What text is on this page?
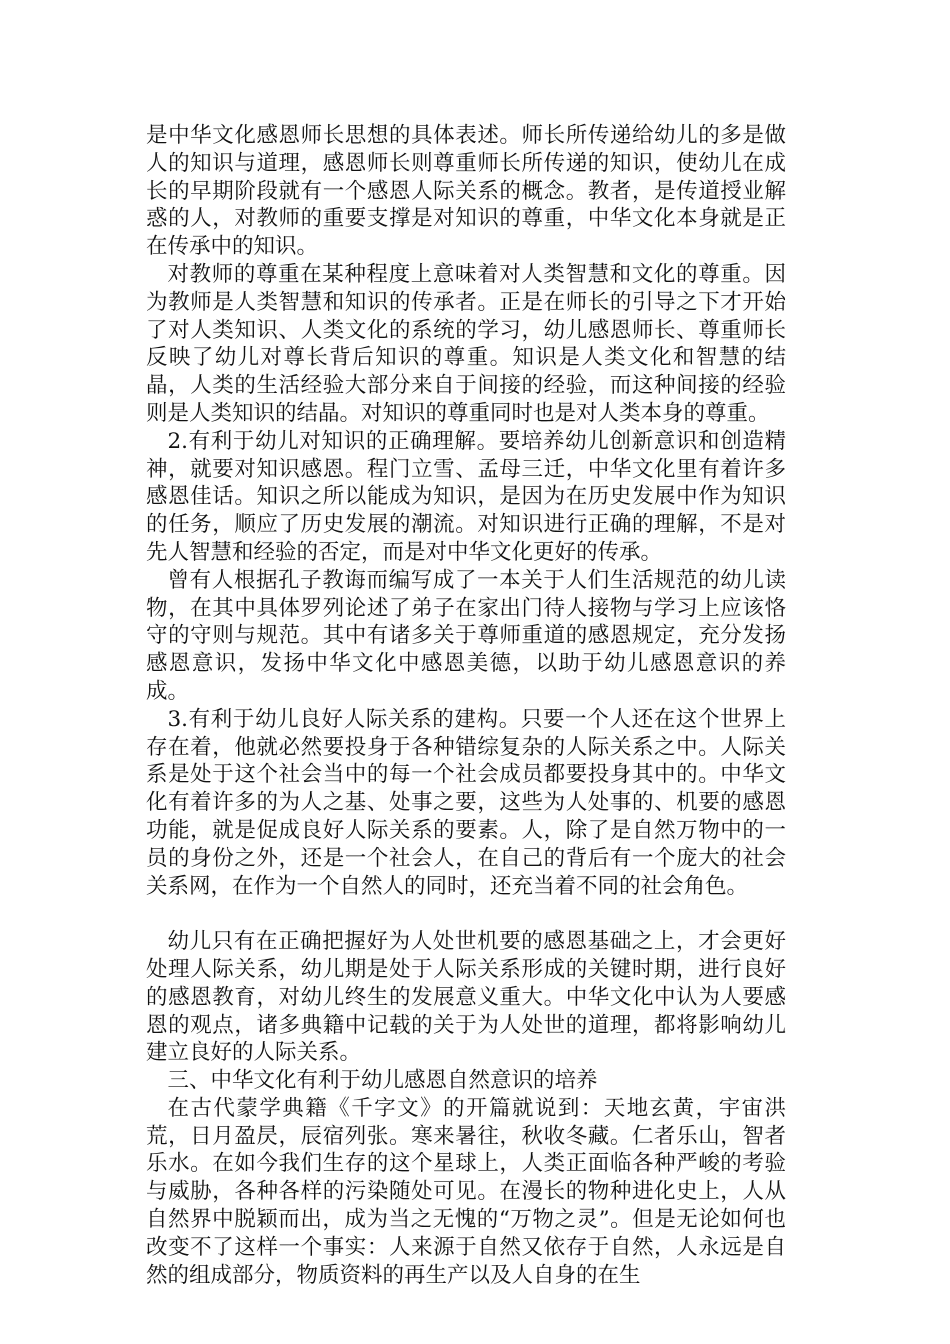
是中华文化感恩师长思想的具体表述。师长所传递给幼儿的多是做人的知识与道理，感恩师长则尊重师长所传递的知识，使幼儿在成长的早期阶段就有一个感恩人际关系的概念。教者，是传道授业解惑的人，对教师的重要支撑是对知识的尊重，中华文化本身就是正在传承中的知识。

对教师的尊重在某种程度上意味着对人类智慧和文化的尊重。因为教师是人类智慧和知识的传承者。正是在师长的引导之下才开始了对人类知识、人类文化的系统的学习，幼儿感恩师长、尊重师长反映了幼儿对尊长背后知识的尊重。知识是人类文化和智慧的结晶，人类的生活经验大部分来自于间接的经验，而这种间接的经验则是人类知识的结晶。对知识的尊重同时也是对人类本身的尊重。

2.有利于幼儿对知识的正确理解。要培养幼儿创新意识和创造精神，就要对知识感恩。程门立雪、孟母三迁，中华文化里有着许多感恩佳话。知识之所以能成为知识，是因为在历史发展中作为知识的任务，顺应了历史发展的潮流。对知识进行正确的理解，不是对先人智慧和经验的否定，而是对中华文化更好的传承。

曾有人根据孔子教诲而编写成了一本关于人们生活规范的幼儿读物，在其中具体罗列论述了弟子在家出门待人接物与学习上应该恪守的守则与规范。其中有诸多关于尊师重道的感恩规定，充分发扬感恩意识，发扬中华文化中感恩美德，以助于幼儿感恩意识的养成。

3.有利于幼儿良好人际关系的建构。只要一个人还在这个世界上存在着，他就必然要投身于各种错综复杂的人际关系之中。人际关系是处于这个社会当中的每一个社会成员都要投身其中的。中华文化有着许多的为人之基、处事之要，这些为人处事的、机要的感恩功能，就是促成良好人际关系的要素。人，除了是自然万物中的一员的身份之外，还是一个社会人，在自己的背后有一个庞大的社会关系网，在作为一个自然人的同时，还充当着不同的社会角色。

幼儿只有在正确把握好为人处世机要的感恩基础之上，才会更好处理人际关系，幼儿期是处于人际关系形成的关键时期，进行良好的感恩教育，对幼儿终生的发展意义重大。中华文化中认为人要感恩的观点，诸多典籍中记载的关于为人处世的道理，都将影响幼儿建立良好的人际关系。

三、中华文化有利于幼儿感恩自然意识的培养

在古代蒙学典籍《千字文》的开篇就说到：天地玄黄，宇宙洪荒，日月盈昃，辰宿列张。寒来暑往，秋收冬藏。仁者乐山，智者乐水。在如今我们生存的这个星球上，人类正面临各种严峻的考验与威胁，各种各样的污染随处可见。在漫长的物种进化史上，人从自然界中脱颖而出，成为当之无愧的“万物之灵”。但是无论如何也改变不了这样一个事实：人来源于自然又依存于自然，人永远是自然的组成部分，物质资料的再生产以及人自身的在生
